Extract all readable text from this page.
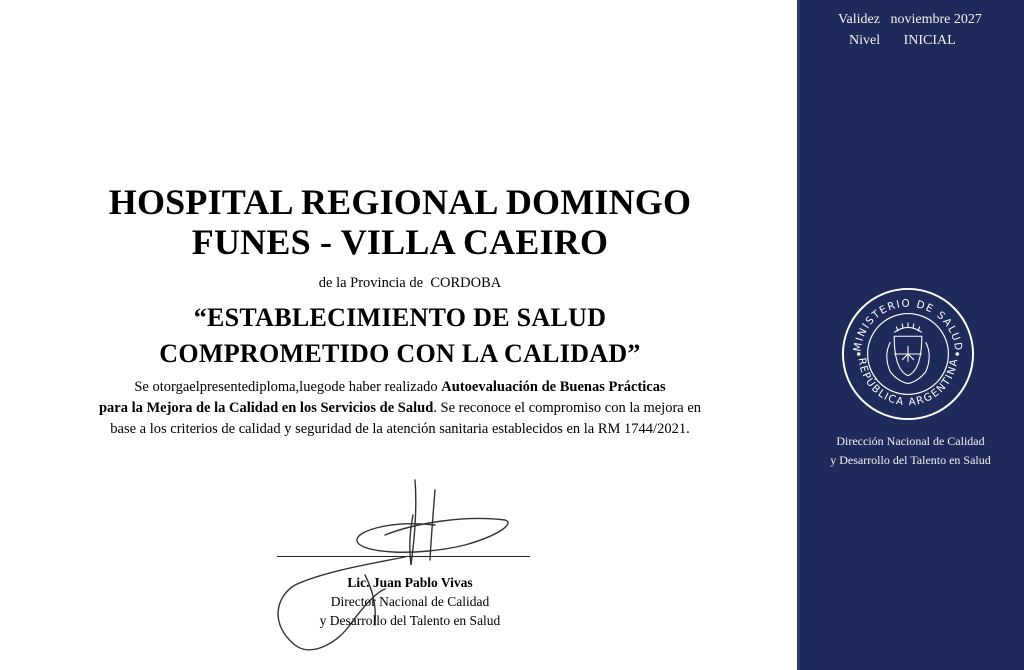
HOSPITAL REGIONAL DOMINGO
FUNES - VILLA CAEIRO
de la Provincia de CORDOBA
“ESTABLECIMIENTO DE SALUD
COMPROMETIDO CON LA CALIDAD”
Se otorgaelpresentediploma,luegode haber realizado Autoevaluación de Buenas Prácticas
para la Mejora de la Calidad en los Servicios de Salud. Se reconoce el compromiso con la mejora en
base a los criterios de calidad y seguridad de la atención sanitaria establecidos en la RM 1744/2021.
Lic. Juan Pablo Vivas
Director Nacional de Calidad
y Desarrollo del Talento en Salud
Validez noviembre 2027
Nivel INICIAL
MINISTERIO DE SALUD
REPÚBLICA ARGENTINA
Dirección Nacional de Calidad
y Desarrollo del Talento en Salud
